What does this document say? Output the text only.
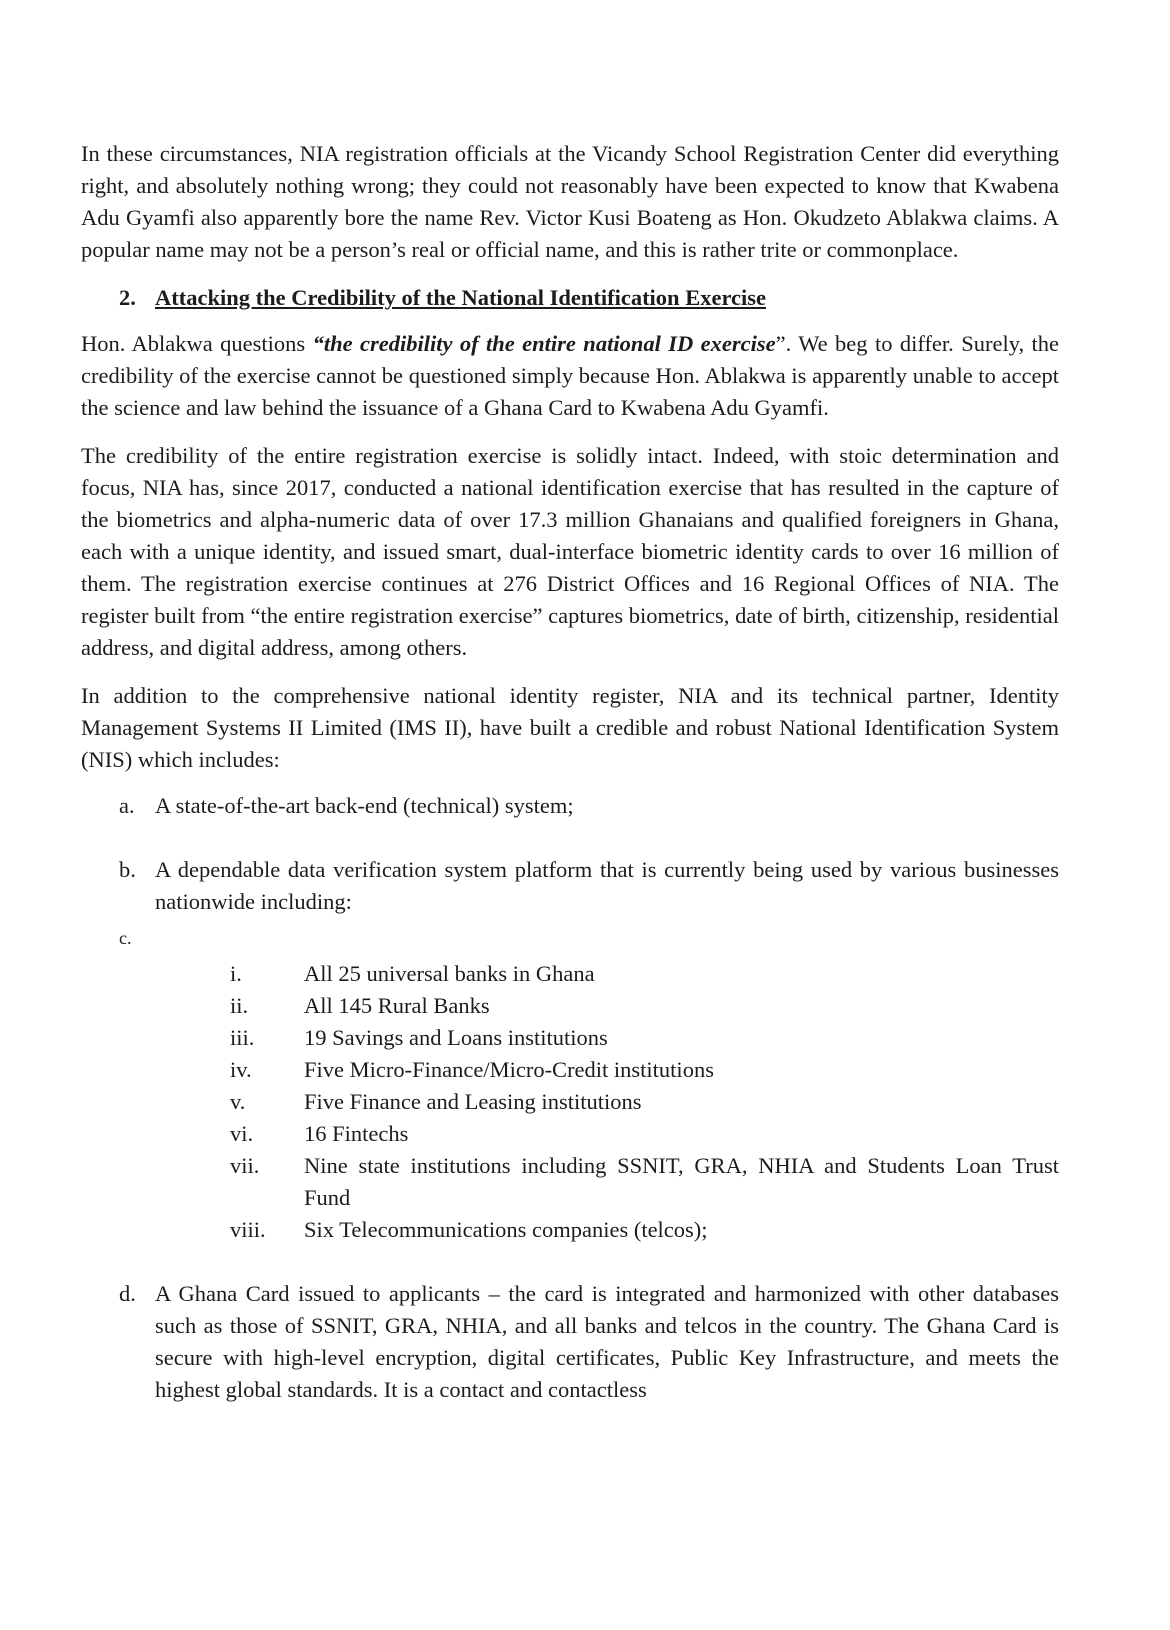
In these circumstances, NIA registration officials at the Vicandy School Registration Center did everything right, and absolutely nothing wrong; they could not reasonably have been expected to know that Kwabena Adu Gyamfi also apparently bore the name Rev. Victor Kusi Boateng as Hon. Okudzeto Ablakwa claims. A popular name may not be a person’s real or official name, and this is rather trite or commonplace.

2. Attacking the Credibility of the National Identification Exercise

Hon. Ablakwa questions “the credibility of the entire national ID exercise”. We beg to differ. Surely, the credibility of the exercise cannot be questioned simply because Hon. Ablakwa is apparently unable to accept the science and law behind the issuance of a Ghana Card to Kwabena Adu Gyamfi.

The credibility of the entire registration exercise is solidly intact. Indeed, with stoic determination and focus, NIA has, since 2017, conducted a national identification exercise that has resulted in the capture of the biometrics and alpha-numeric data of over 17.3 million Ghanaians and qualified foreigners in Ghana, each with a unique identity, and issued smart, dual-interface biometric identity cards to over 16 million of them. The registration exercise continues at 276 District Offices and 16 Regional Offices of NIA. The register built from “the entire registration exercise” captures biometrics, date of birth, citizenship, residential address, and digital address, among others.

In addition to the comprehensive national identity register, NIA and its technical partner, Identity Management Systems II Limited (IMS II), have built a credible and robust National Identification System (NIS) which includes:

a. A state-of-the-art back-end (technical) system;
b. A dependable data verification system platform that is currently being used by various businesses nationwide including:
c.
i.	All 25 universal banks in Ghana
ii.	All 145 Rural Banks
iii.	19 Savings and Loans institutions
iv.	Five Micro-Finance/Micro-Credit institutions
v.	Five Finance and Leasing institutions
vi.	16 Fintechs
vii.	Nine state institutions including SSNIT, GRA, NHIA and Students Loan Trust Fund
viii.	Six Telecommunications companies (telcos);
d. A Ghana Card issued to applicants – the card is integrated and harmonized with other databases such as those of SSNIT, GRA, NHIA, and all banks and telcos in the country. The Ghana Card is secure with high-level encryption, digital certificates, Public Key Infrastructure, and meets the highest global standards. It is a contact and contactless
